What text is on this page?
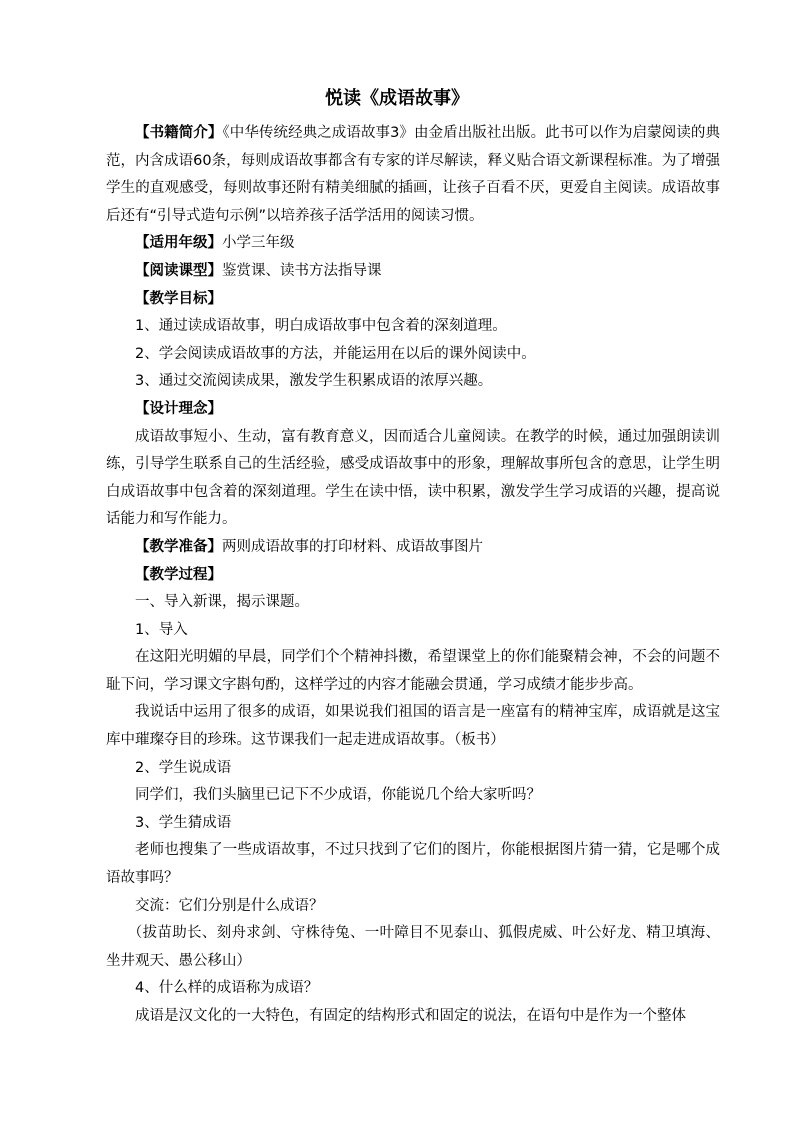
悦读《成语故事》

【书籍简介】《中华传统经典之成语故事3》由金盾出版社出版。此书可以作为启蒙阅读的典范，内含成语60条，每则成语故事都含有专家的详尽解读，释义贴合语文新课程标准。为了增强学生的直观感受，每则故事还附有精美细腻的插画，让孩子百看不厌，更爱自主阅读。成语故事后还有“引导式造句示例”以培养孩子活学活用的阅读习惯。

【适用年级】小学三年级

【阅读课型】鉴赏课、读书方法指导课

【教学目标】

1、通过读成语故事，明白成语故事中包含着的深刻道理。

2、学会阅读成语故事的方法，并能运用在以后的课外阅读中。

3、通过交流阅读成果，激发学生积累成语的浓厚兴趣。

【设计理念】

成语故事短小、生动，富有教育意义，因而适合儿童阅读。在教学的时候，通过加强朗读训练，引导学生联系自己的生活经验，感受成语故事中的形象，理解故事所包含的意思，让学生明白成语故事中包含着的深刻道理。学生在读中悟，读中积累，激发学生学习成语的兴趣，提高说话能力和写作能力。

【教学准备】两则成语故事的打印材料、成语故事图片

【教学过程】

一、导入新课，揭示课题。

1、导入

在这阳光明媚的早晨，同学们个个精神抖擞，希望课堂上的你们能聚精会神，不会的问题不耻下问，学习课文字斟句酌，这样学过的内容才能融会贯通，学习成绩才能步步高。

我说话中运用了很多的成语，如果说我们祖国的语言是一座富有的精神宝库，成语就是这宝库中璀璨夺目的珍珠。这节课我们一起走进成语故事。（板书）

2、学生说成语

同学们，我们头脑里已记下不少成语，你能说几个给大家听吗？

3、学生猜成语

老师也搜集了一些成语故事，不过只找到了它们的图片，你能根据图片猜一猜，它是哪个成语故事吗？

交流：它们分别是什么成语？

（拔苗助长、刻舟求剑、守株待兔、一叶障目不见泰山、狐假虎威、叶公好龙、精卫填海、坐井观天、愚公移山）

4、什么样的成语称为成语？

成语是汉文化的一大特色，有固定的结构形式和固定的说法，在语句中是作为一个整体
